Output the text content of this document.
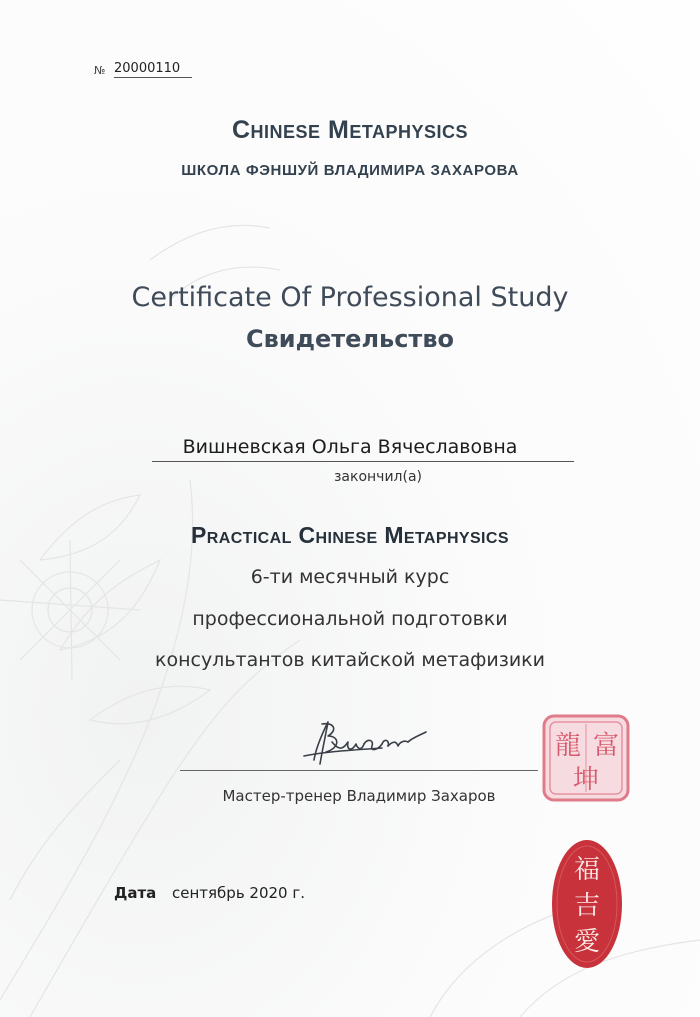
№ 20000110
Chinese Metaphysics
ШКОЛА ФЭНШУЙ ВЛАДИМИРА ЗАХАРОВА
Certificate Of Professional Study
Свидетельство
Вишневская Ольга Вячеславовна
закончил(а)
Practical Chinese Metaphysics
6-ти месячный курс
профессиональной подготовки
консультантов китайской метафизики
富
龍
坤
Мастер-тренер Владимир Захаров
福
吉
愛
Дата сентябрь 2020 г.
